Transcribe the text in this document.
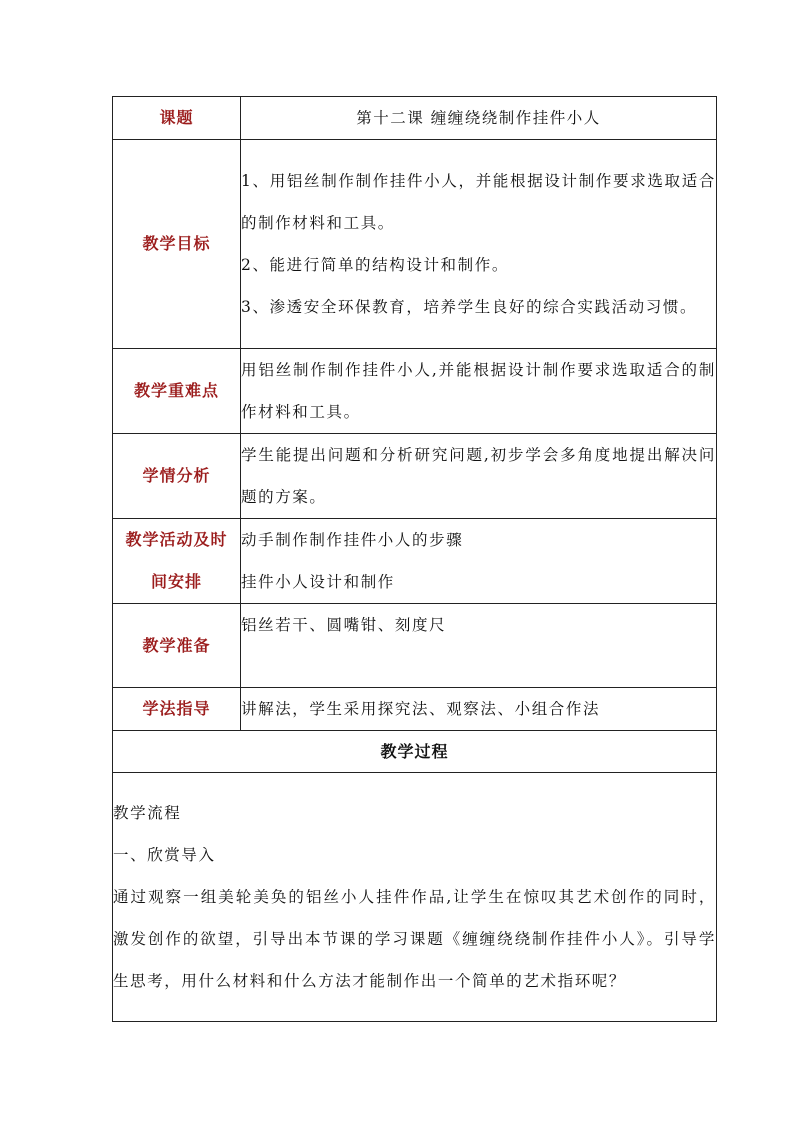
课题	第十二课 缠缠绕绕制作挂件小人
教学目标	1、用铝丝制作制作挂件小人，并能根据设计制作要求选取适合的制作材料和工具。

2、能进行简单的结构设计和制作。

3、渗透安全环保教育，培养学生良好的综合实践活动习惯。

教学重难点	用铝丝制作制作挂件小人,并能根据设计制作要求选取适合的制作材料和工具。
学情分析	学生能提出问题和分析研究问题,初步学会多角度地提出解决问题的方案。
教学活动及时间安排	动手制作制作挂件小人的步骤

挂件小人设计和制作

教学准备	铝丝若干、圆嘴钳、刻度尺
学法指导	讲解法，学生采用探究法、观察法、小组合作法
教学过程	

教学流程

一、欣赏导入

通过观察一组美轮美奂的铝丝小人挂件作品,让学生在惊叹其艺术创作的同时，激发创作的欲望，引导出本节课的学习课题《缠缠绕绕制作挂件小人》。引导学生思考，用什么材料和什么方法才能制作出一个简单的艺术指环呢？	
